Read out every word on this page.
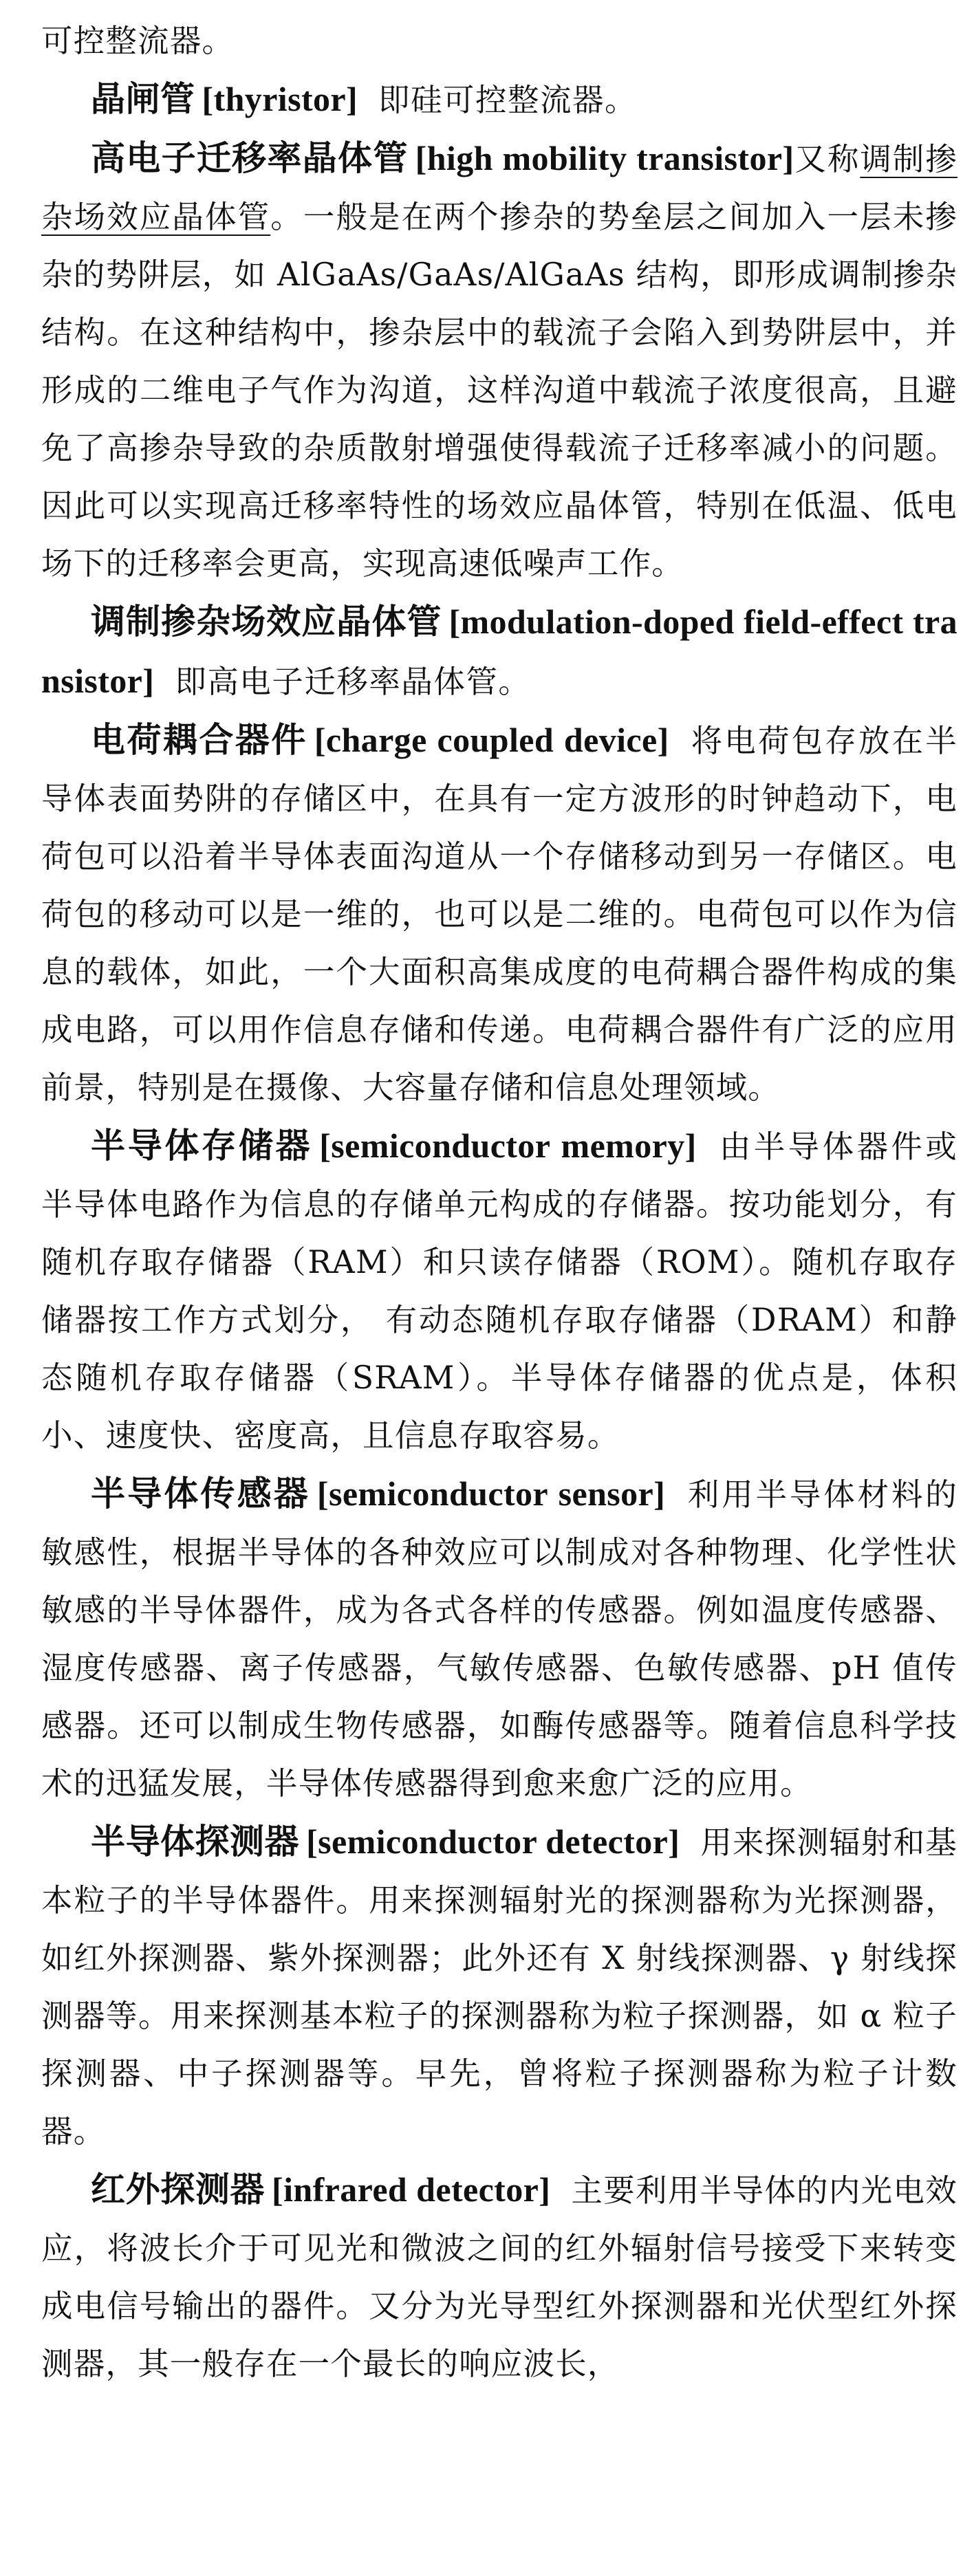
可控整流器。

晶闸管 [thyristor] 即硅可控整流器。

高电子迁移率晶体管 [high mobility transistor]又称调制掺杂场效应晶体管。一般是在两个掺杂的势垒层之间加入一层未掺杂的势阱层，如 AlGaAs/GaAs/AlGaAs 结构，即形成调制掺杂结构。在这种结构中，掺杂层中的载流子会陷入到势阱层中，并形成的二维电子气作为沟道，这样沟道中载流子浓度很高，且避免了高掺杂导致的杂质散射增强使得载流子迁移率减小的问题。因此可以实现高迁移率特性的场效应晶体管，特别在低温、低电场下的迁移率会更高，实现高速低噪声工作。

调制掺杂场效应晶体管 [modulation-doped field-effect transistor] 即高电子迁移率晶体管。

电荷耦合器件 [charge coupled device] 将电荷包存放在半导体表面势阱的存储区中，在具有一定方波形的时钟趋动下，电荷包可以沿着半导体表面沟道从一个存储移动到另一存储区。电荷包的移动可以是一维的，也可以是二维的。电荷包可以作为信息的载体，如此，一个大面积高集成度的电荷耦合器件构成的集成电路，可以用作信息存储和传递。电荷耦合器件有广泛的应用前景，特别是在摄像、大容量存储和信息处理领域。

半导体存储器 [semiconductor memory] 由半导体器件或半导体电路作为信息的存储单元构成的存储器。按功能划分，有随机存取存储器（RAM）和只读存储器（ROM）。随机存取存储器按工作方式划分， 有动态随机存取存储器（DRAM）和静态随机存取存储器（SRAM）。半导体存储器的优点是，体积小、速度快、密度高，且信息存取容易。

半导体传感器 [semiconductor sensor] 利用半导体材料的敏感性，根据半导体的各种效应可以制成对各种物理、化学性状敏感的半导体器件，成为各式各样的传感器。例如温度传感器、湿度传感器、离子传感器，气敏传感器、色敏传感器、pH 值传感器。还可以制成生物传感器，如酶传感器等。随着信息科学技术的迅猛发展，半导体传感器得到愈来愈广泛的应用。

半导体探测器 [semiconductor detector] 用来探测辐射和基本粒子的半导体器件。用来探测辐射光的探测器称为光探测器，如红外探测器、紫外探测器；此外还有 X 射线探测器、γ 射线探测器等。用来探测基本粒子的探测器称为粒子探测器，如 α 粒子探测器、中子探测器等。早先，曾将粒子探测器称为粒子计数器。

红外探测器 [infrared detector] 主要利用半导体的内光电效应，将波长介于可见光和微波之间的红外辐射信号接受下来转变成电信号输出的器件。又分为光导型红外探测器和光伏型红外探测器，其一般存在一个最长的响应波长，
